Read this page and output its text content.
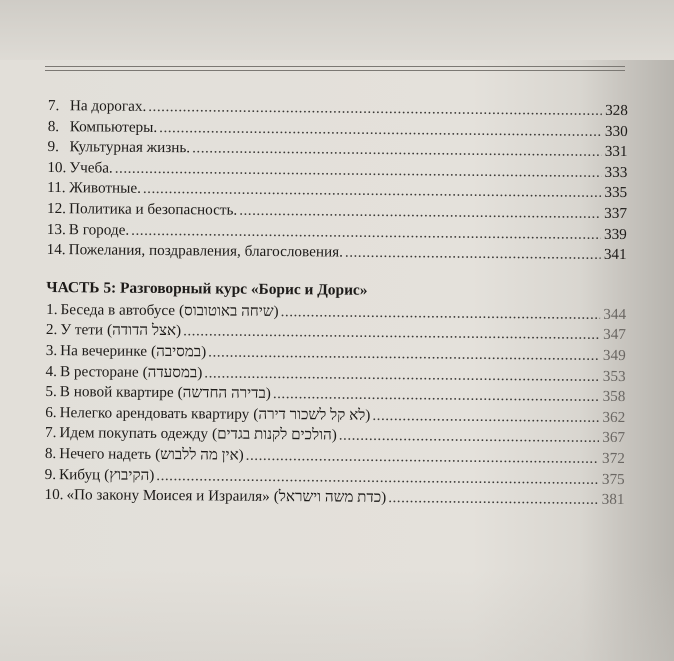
7. На дорогах. .....	328
8. Компьютеры. .....	330
9. Культурная жизнь. .....	331
10. Учеба. .....	333
11. Животные. .....	335
12. Политика и безопасность. .....	337
13. В городе. .....	339
14. Пожелания, поздравления, благословения. .....	341
ЧАСТЬ 5: Разговорный курс «Борис и Дорис»
1. Беседа в автобусе (שיחה באוטובוס) .....	344
2. У тети (אצל הדודה) .....	347
3. На вечеринке (במסיבה) .....	349
4. В ресторане (במסעדה) .....	353
5. В новой квартире (בדירה החדשה) .....	358
6. Нелегко арендовать квартиру (לא קל לשכור דירה) .....	362
7. Идем покупать одежду (הולכים לקנות בגדים) .....	367
8. Нечего надеть (אין מה ללבוש) .....	372
9. Кибуц (הקיבוץ) .....	375
10. «По закону Моисея и Израиля» (כדת משה וישראל) .....	381
